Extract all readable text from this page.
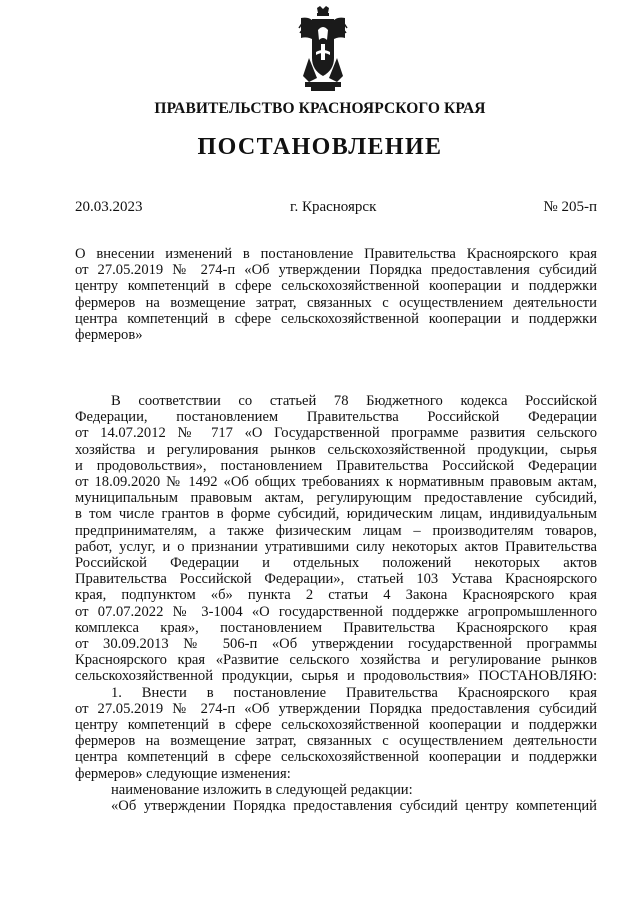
ПРАВИТЕЛЬСТВО КРАСНОЯРСКОГО КРАЯ
ПОСТАНОВЛЕНИЕ
20.03.2023	г. Красноярск	№ 205-п
О внесении изменений в постановление Правительства Красноярского края
от 27.05.2019 № 274-п «Об утверждении Порядка предоставления субсидий
центру компетенций в сфере сельскохозяйственной кооперации и поддержки
фермеров на возмещение затрат, связанных с осуществлением деятельности
центра компетенций в сфере сельскохозяйственной кооперации и поддержки
фермеров»
В соответствии со статьей 78 Бюджетного кодекса Российской
Федерации, постановлением Правительства Российской Федерации
от 14.07.2012 № 717 «О Государственной программе развития сельского
хозяйства и регулирования рынков сельскохозяйственной продукции, сырья
и продовольствия», постановлением Правительства Российской Федерации
от 18.09.2020 № 1492 «Об общих требованиях к нормативным правовым актам,
муниципальным правовым актам, регулирующим предоставление субсидий,
в том числе грантов в форме субсидий, юридическим лицам, индивидуальным
предпринимателям, а также физическим лицам – производителям товаров,
работ, услуг, и о признании утратившими силу некоторых актов Правительства
Российской Федерации и отдельных положений некоторых актов
Правительства Российской Федерации», статьей 103 Устава Красноярского
края, подпунктом «б» пункта 2 статьи 4 Закона Красноярского края
от 07.07.2022 № 3-1004 «О государственной поддержке агропромышленного
комплекса края», постановлением Правительства Красноярского края
от 30.09.2013 № 506-п «Об утверждении государственной программы
Красноярского края «Развитие сельского хозяйства и регулирование рынков
сельскохозяйственной продукции, сырья и продовольствия» ПОСТАНОВЛЯЮ:
1. Внести в постановление Правительства Красноярского края
от 27.05.2019 № 274-п «Об утверждении Порядка предоставления субсидий
центру компетенций в сфере сельскохозяйственной кооперации и поддержки
фермеров на возмещение затрат, связанных с осуществлением деятельности
центра компетенций в сфере сельскохозяйственной кооперации и поддержки
фермеров» следующие изменения:
наименование изложить в следующей редакции:
«Об утверждении Порядка предоставления субсидий центру компетенций
